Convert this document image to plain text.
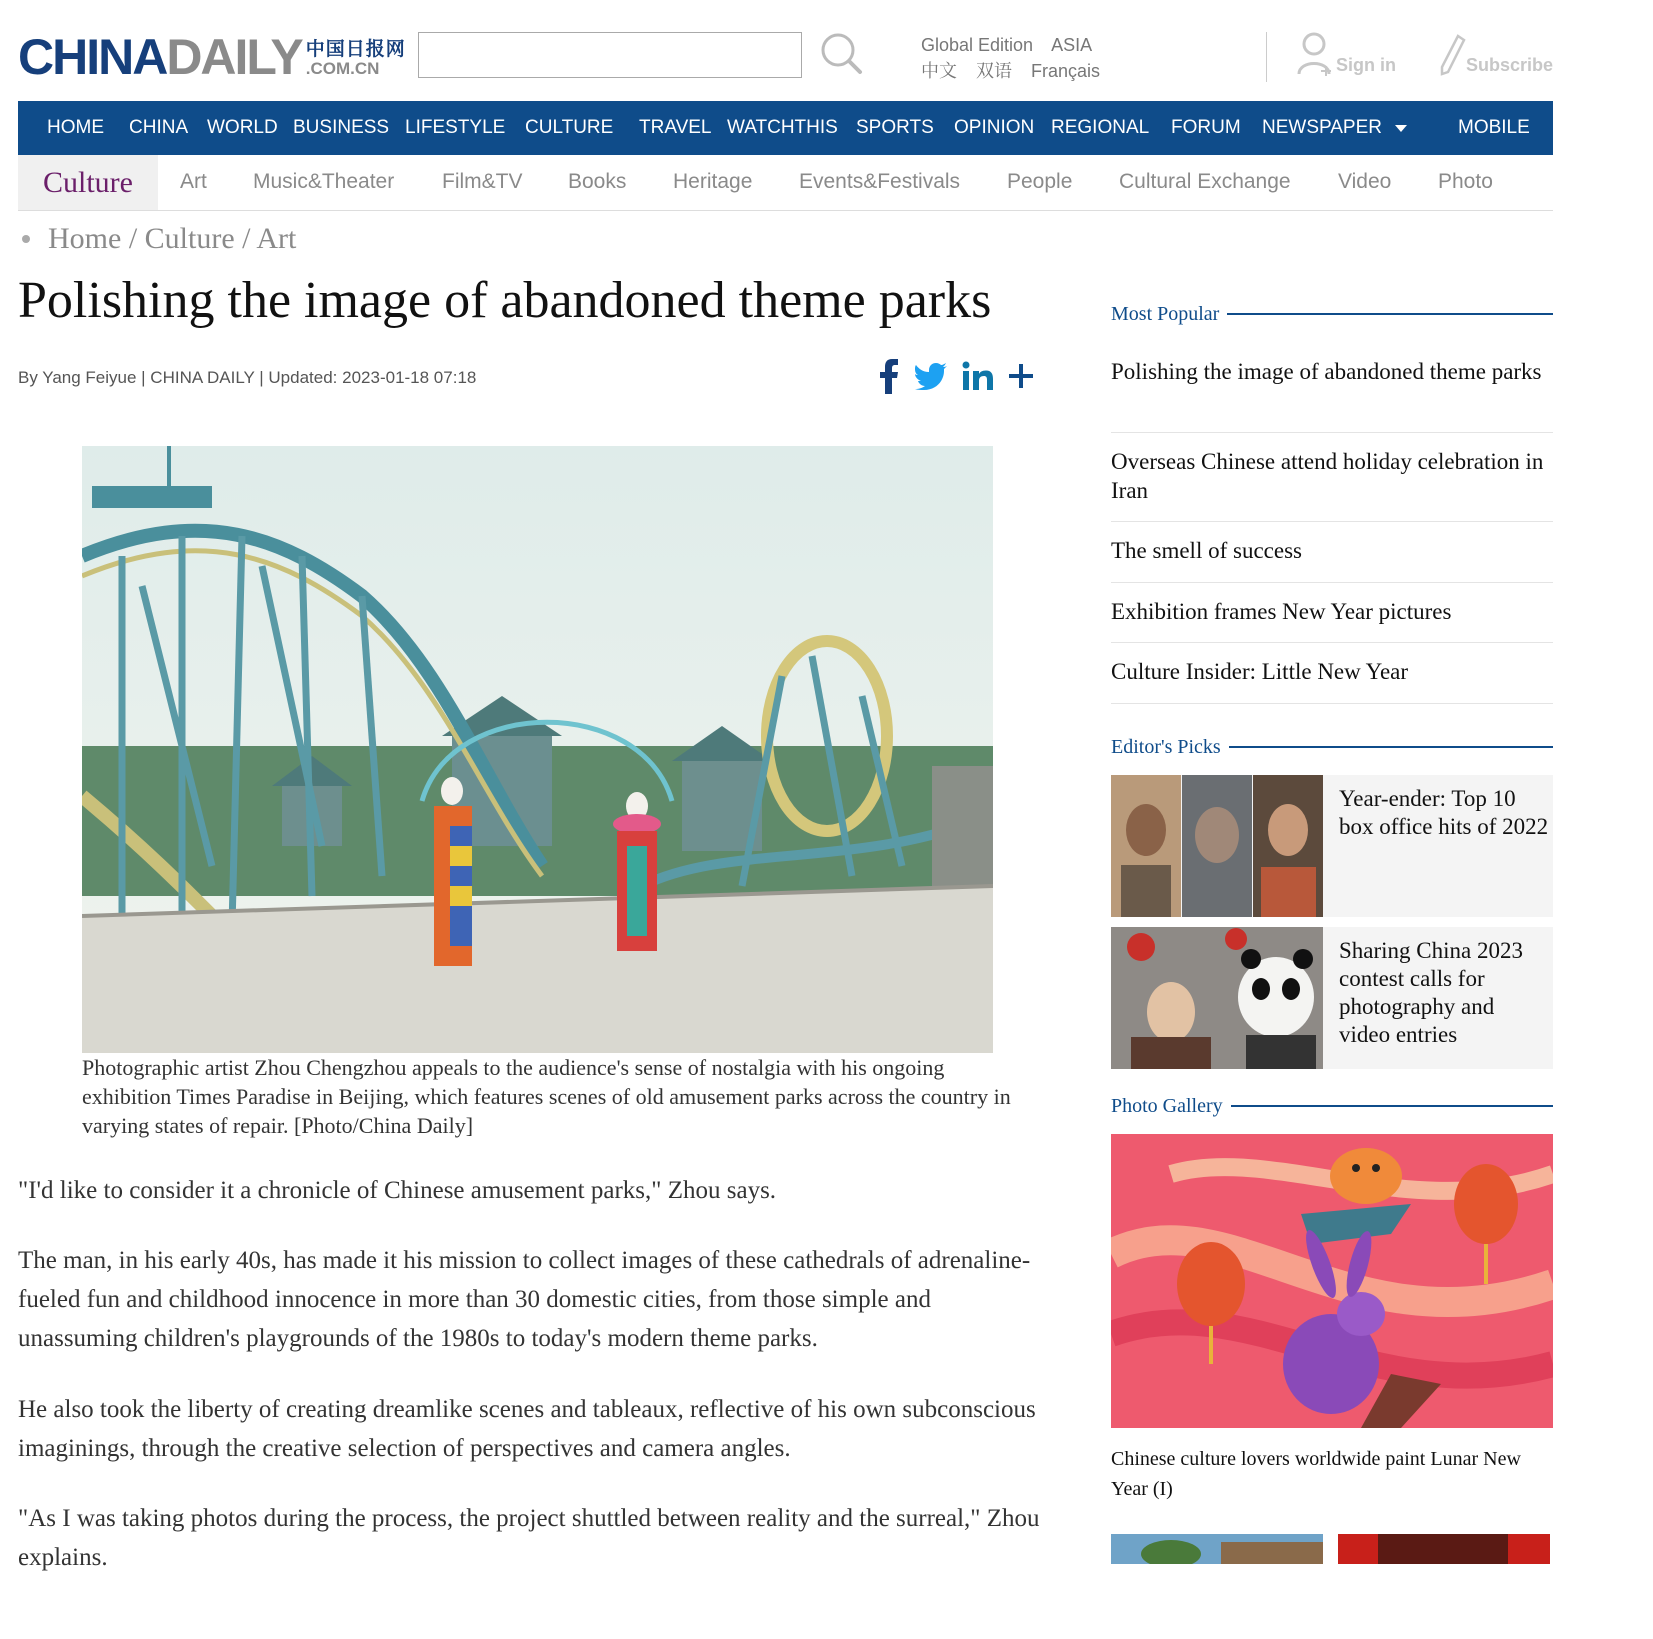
CHINA DAILY 中国日报网
.COM.CN
Global Edition ASIA
中文 双语 Français	Sign in	Subscribe
HOME CHINA WORLD BUSINESS LIFESTYLE CULTURE TRAVEL WATCHTHIS SPORTS OPINION REGIONAL FORUM NEWSPAPER	MOBILE
Culture	Art Music&Theater Film&TV Books Heritage Events&Festivals People Cultural Exchange Video Photo
Home / Culture / Art
Polishing the image of abandoned theme parks
By Yang Feiyue | CHINA DAILY | Updated: 2023-01-18 07:18
Photographic artist Zhou Chengzhou appeals to the audience's sense of nostalgia with his ongoing exhibition Times Paradise in Beijing, which features scenes of old amusement parks across the country in varying states of repair. [Photo/China Daily]

"I'd like to consider it a chronicle of Chinese amusement parks," Zhou says.

The man, in his early 40s, has made it his mission to collect images of these cathedrals of adrenaline-fueled fun and childhood innocence in more than 30 domestic cities, from those simple and unassuming children's playgrounds of the 1980s to today's modern theme parks.

He also took the liberty of creating dreamlike scenes and tableaux, reflective of his own subconscious imaginings, through the creative selection of perspectives and camera angles.

"As I was taking photos during the process, the project shuttled between reality and the surreal," Zhou explains.

Most Popular
Polishing the image of abandoned theme parks
Overseas Chinese attend holiday celebration in Iran
The smell of success
Exhibition frames New Year pictures
Culture Insider: Little New Year
Editor's Picks
Year-ender: Top 10 box office hits of 2022
Sharing China 2023 contest calls for photography and video entries
Photo Gallery
Chinese culture lovers worldwide paint Lunar New Year (I)
